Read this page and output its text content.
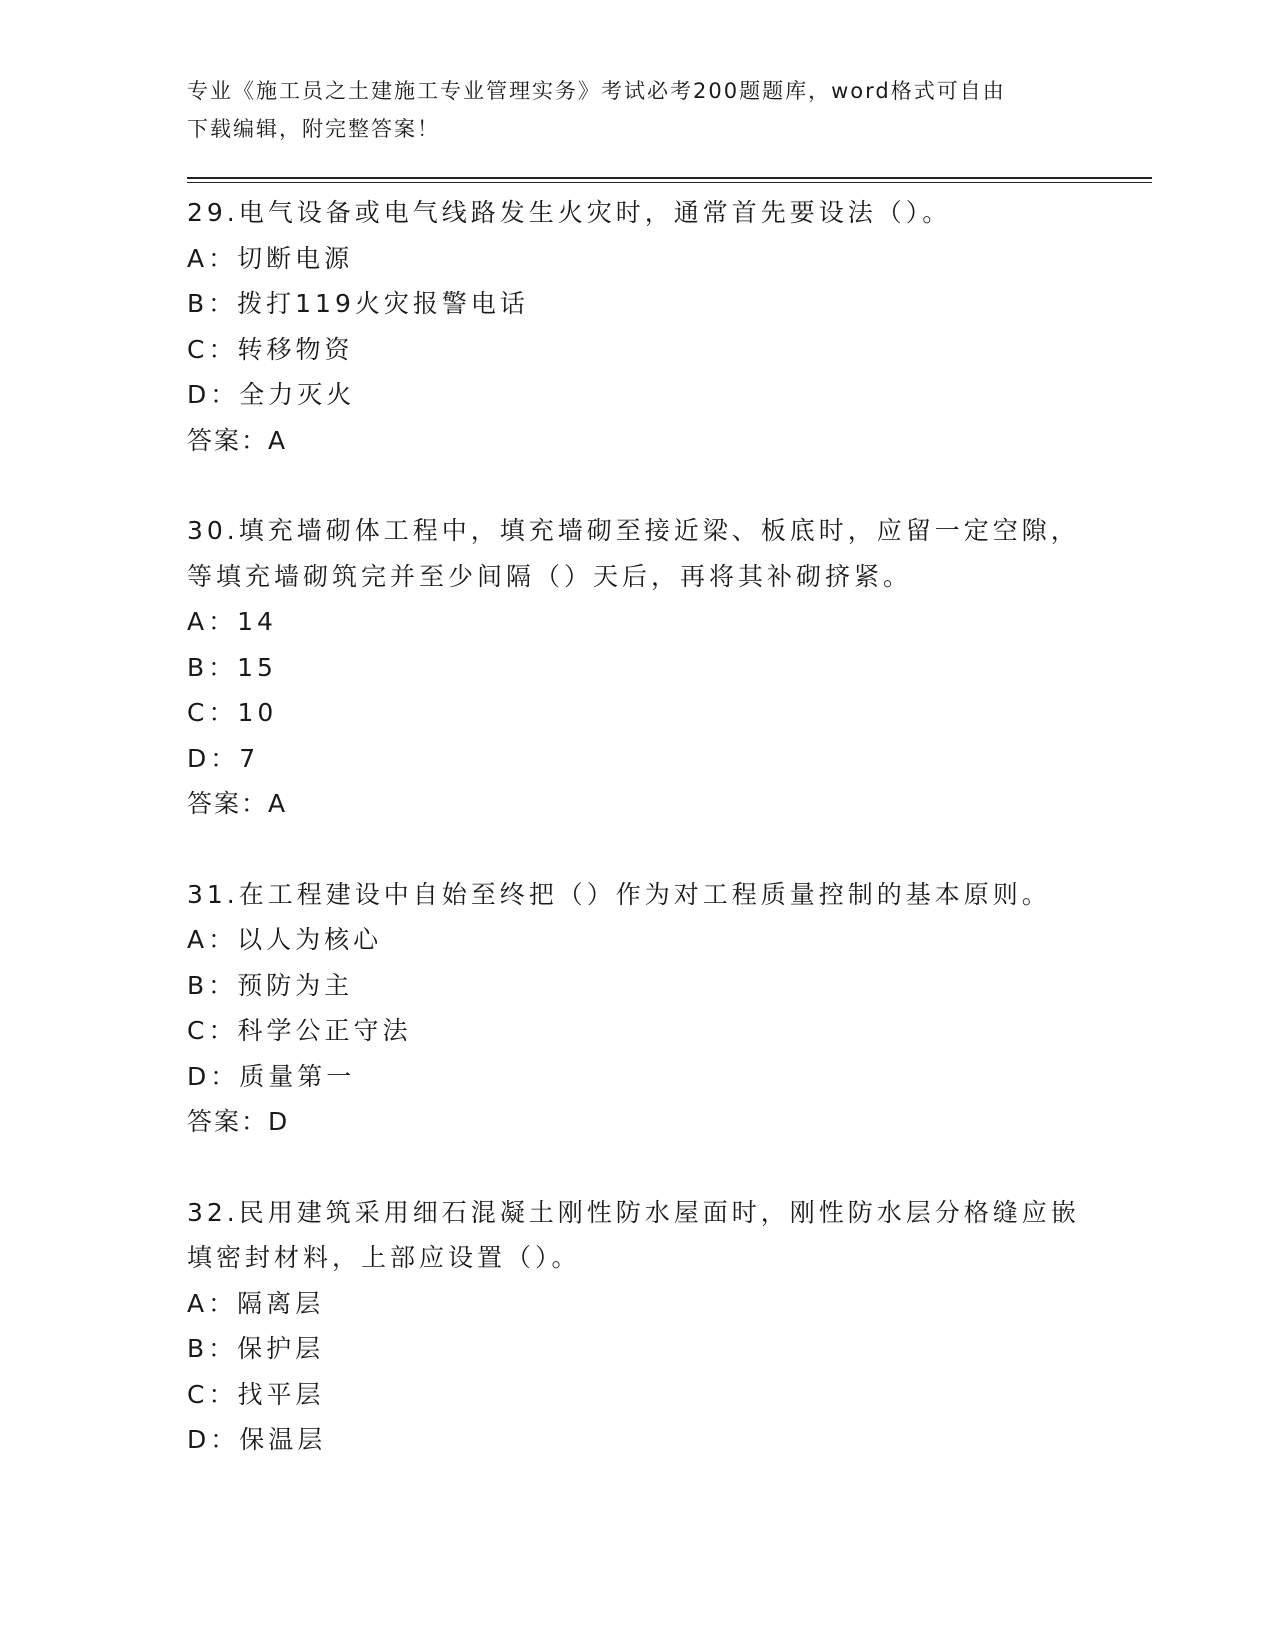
专业《施工员之土建施工专业管理实务》考试必考200题题库，word格式可自由
下载编辑，附完整答案！
29.电气设备或电气线路发生火灾时，通常首先要设法（）。
A：切断电源
B：拨打119火灾报警电话
C：转移物资
D：全力灭火
答案：A
30.填充墙砌体工程中，填充墙砌至接近梁、板底时，应留一定空隙，
等填充墙砌筑完并至少间隔（）天后，再将其补砌挤紧。
A：14
B：15
C：10
D：7
答案：A
31.在工程建设中自始至终把（）作为对工程质量控制的基本原则。
A：以人为核心
B：预防为主
C：科学公正守法
D：质量第一
答案：D
32.民用建筑采用细石混凝土刚性防水屋面时，刚性防水层分格缝应嵌
填密封材料，上部应设置（）。
A：隔离层
B：保护层
C：找平层
D：保温层
